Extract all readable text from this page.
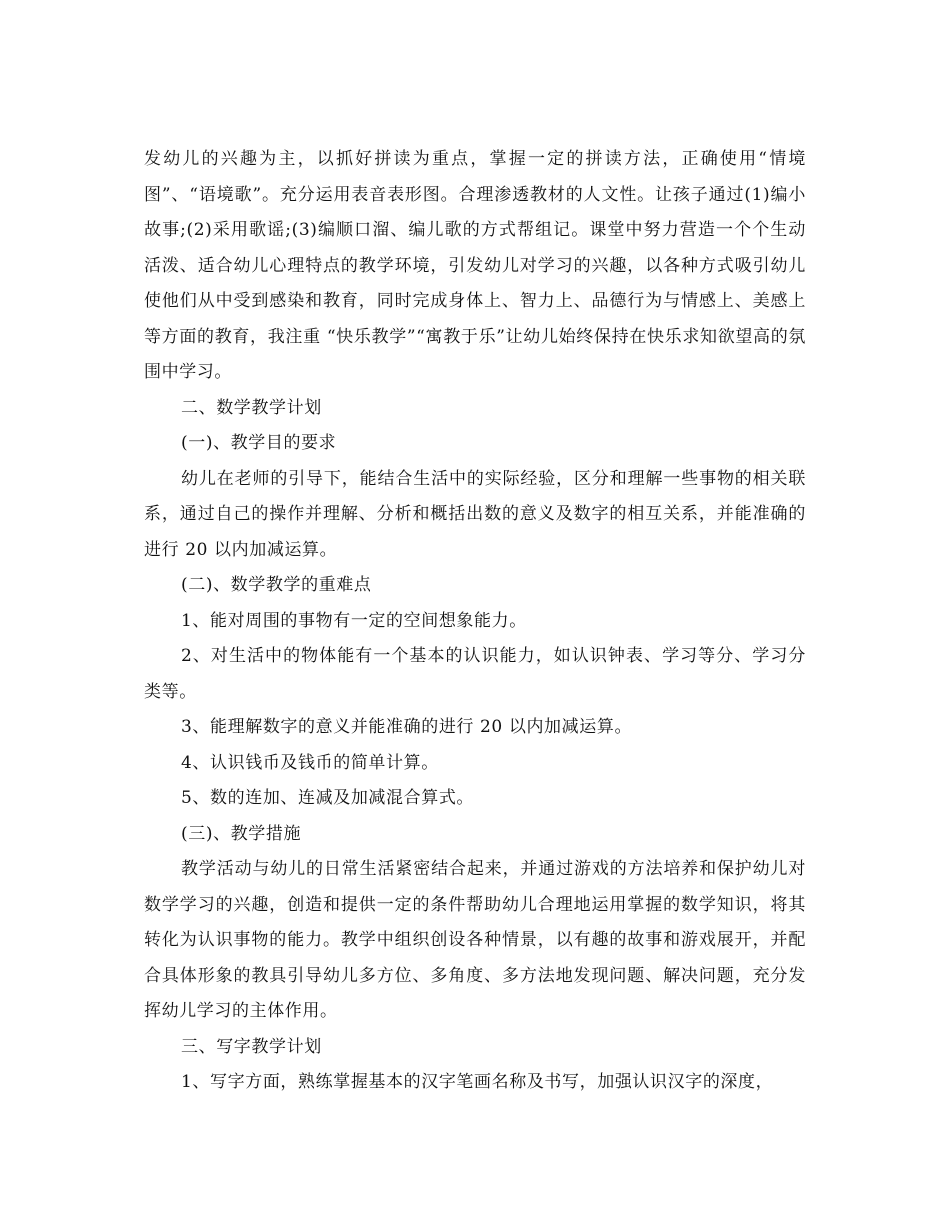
发幼儿的兴趣为主，以抓好拼读为重点，掌握一定的拼读方法，正确使用“情境图”、“语境歌”。充分运用表音表形图。合理渗透教材的人文性。让孩子通过(1)编小故事;(2)采用歌谣;(3)编顺口溜、编儿歌的方式帮组记。课堂中努力营造一个个生动活泼、适合幼儿心理特点的教学环境，引发幼儿对学习的兴趣，以各种方式吸引幼儿使他们从中受到感染和教育，同时完成身体上、智力上、品德行为与情感上、美感上等方面的教育，我注重 “快乐教学”“寓教于乐”让幼儿始终保持在快乐求知欲望高的氛围中学习。

二、数学教学计划

(一)、教学目的要求

幼儿在老师的引导下，能结合生活中的实际经验，区分和理解一些事物的相关联系，通过自己的操作并理解、分析和概括出数的意义及数字的相互关系，并能准确的进行 20 以内加减运算。

(二)、数学教学的重难点

1、能对周围的事物有一定的空间想象能力。

2、对生活中的物体能有一个基本的认识能力，如认识钟表、学习等分、学习分类等。

3、能理解数字的意义并能准确的进行 20 以内加减运算。

4、认识钱币及钱币的简单计算。

5、数的连加、连减及加减混合算式。

(三)、教学措施

教学活动与幼儿的日常生活紧密结合起来，并通过游戏的方法培养和保护幼儿对数学学习的兴趣，创造和提供一定的条件帮助幼儿合理地运用掌握的数学知识，将其转化为认识事物的能力。教学中组织创设各种情景，以有趣的故事和游戏展开，并配合具体形象的教具引导幼儿多方位、多角度、多方法地发现问题、解决问题，充分发挥幼儿学习的主体作用。

三、写字教学计划

1、写字方面，熟练掌握基本的汉字笔画名称及书写，加强认识汉字的深度，
